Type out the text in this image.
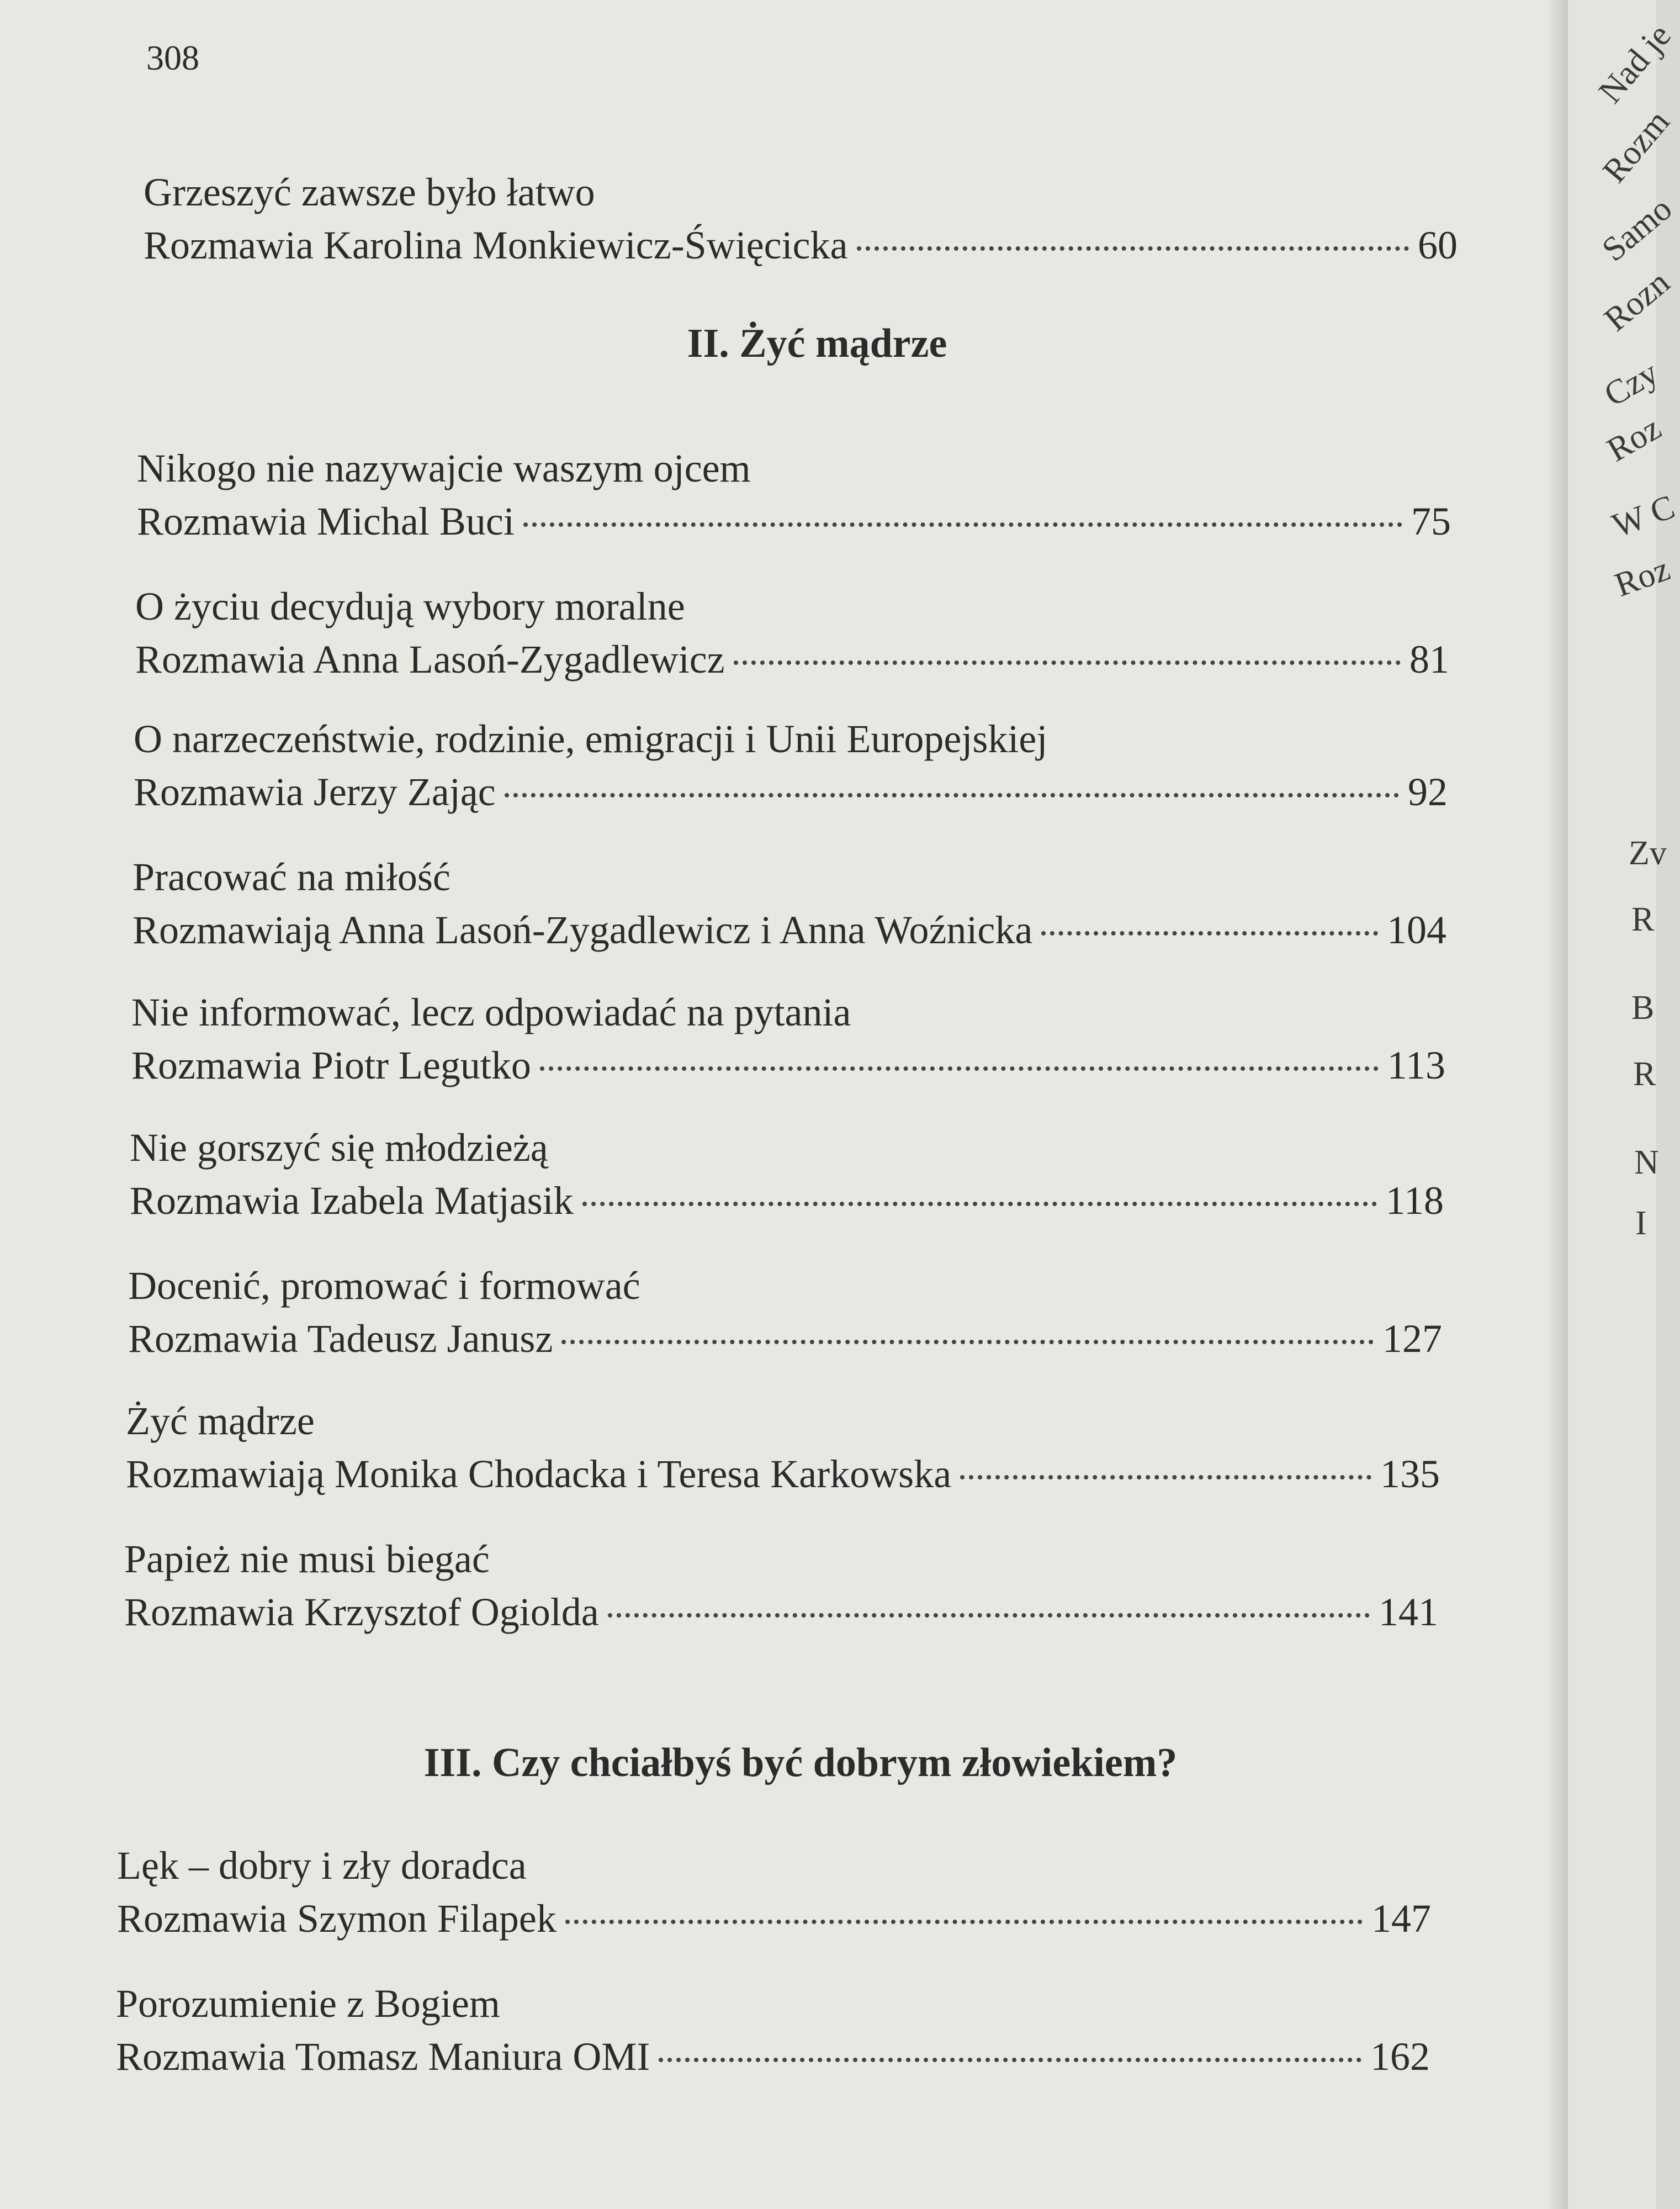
308
Grzeszyć zawsze było łatwo
Rozmawia Karolina Monkiewicz-Święcicka	60
II. Żyć mądrze
Nikogo nie nazywajcie waszym ojcem
Rozmawia Michal Buci	75
O życiu decydują wybory moralne
Rozmawia Anna Lasoń-Zygadlewicz	81
O narzeczeństwie, rodzinie, emigracji i Unii Europejskiej
Rozmawia Jerzy Zając	92
Pracować na miłość
Rozmawiają Anna Lasoń-Zygadlewicz i Anna Woźnicka	104
Nie informować, lecz odpowiadać na pytania
Rozmawia Piotr Legutko	113
Nie gorszyć się młodzieżą
Rozmawia Izabela Matjasik	118
Docenić, promować i formować
Rozmawia Tadeusz Janusz	127
Żyć mądrze
Rozmawiają Monika Chodacka i Teresa Karkowska	135
Papież nie musi biegać
Rozmawia Krzysztof Ogiolda	141
III. Czy chciałbyś być dobrym złowiekiem?
Lęk – dobry i zły doradca
Rozmawia Szymon Filapek	147
Porozumienie z Bogiem
Rozmawia Tomasz Maniura OMI	162
Nad je
Rozm
Samo
Rozn
Czy
Roz
W C
Roz
Zv
R
B
R
N
I
